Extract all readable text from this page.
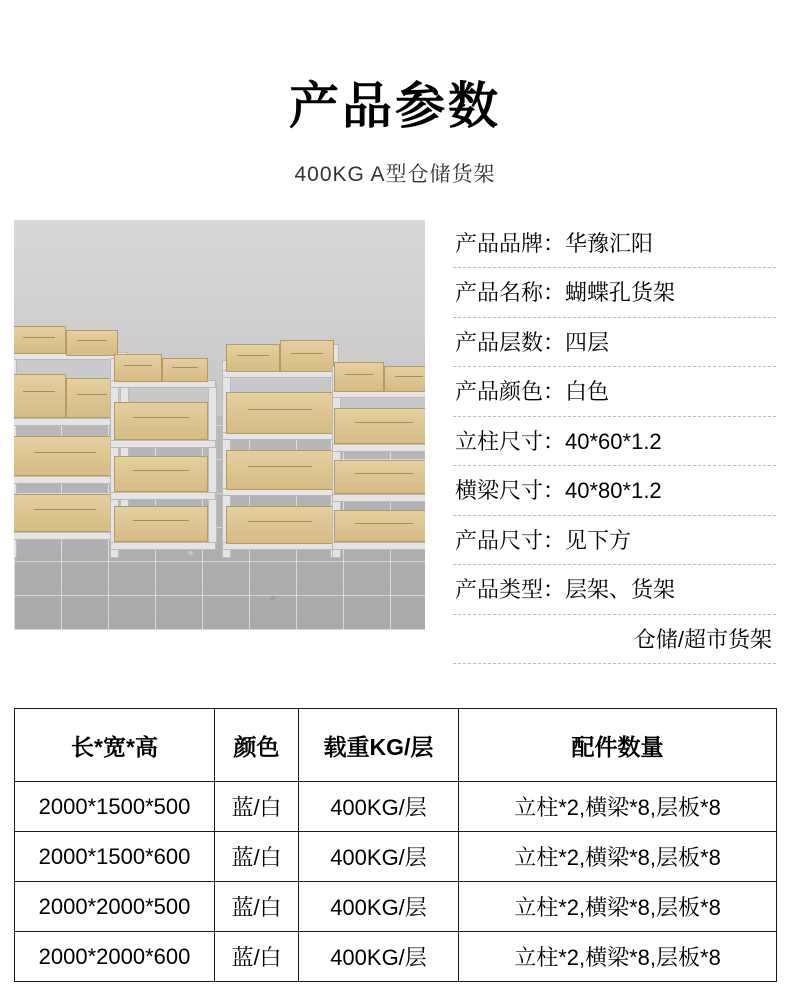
产品参数
400KG A型仓储货架
产品品牌：华豫汇阳
产品名称：蝴蝶孔货架
产品层数：四层
产品颜色：白色
立柱尺寸：40*60*1.2
横梁尺寸：40*80*1.2
产品尺寸：见下方
产品类型：层架、货架
仓储/超市货架
长*宽*高	颜色	载重KG/层	配件数量
2000*1500*500	蓝/白	400KG/层	立柱*2,横梁*8,层板*8
2000*1500*600	蓝/白	400KG/层	立柱*2,横梁*8,层板*8
2000*2000*500	蓝/白	400KG/层	立柱*2,横梁*8,层板*8
2000*2000*600	蓝/白	400KG/层	立柱*2,横梁*8,层板*8
